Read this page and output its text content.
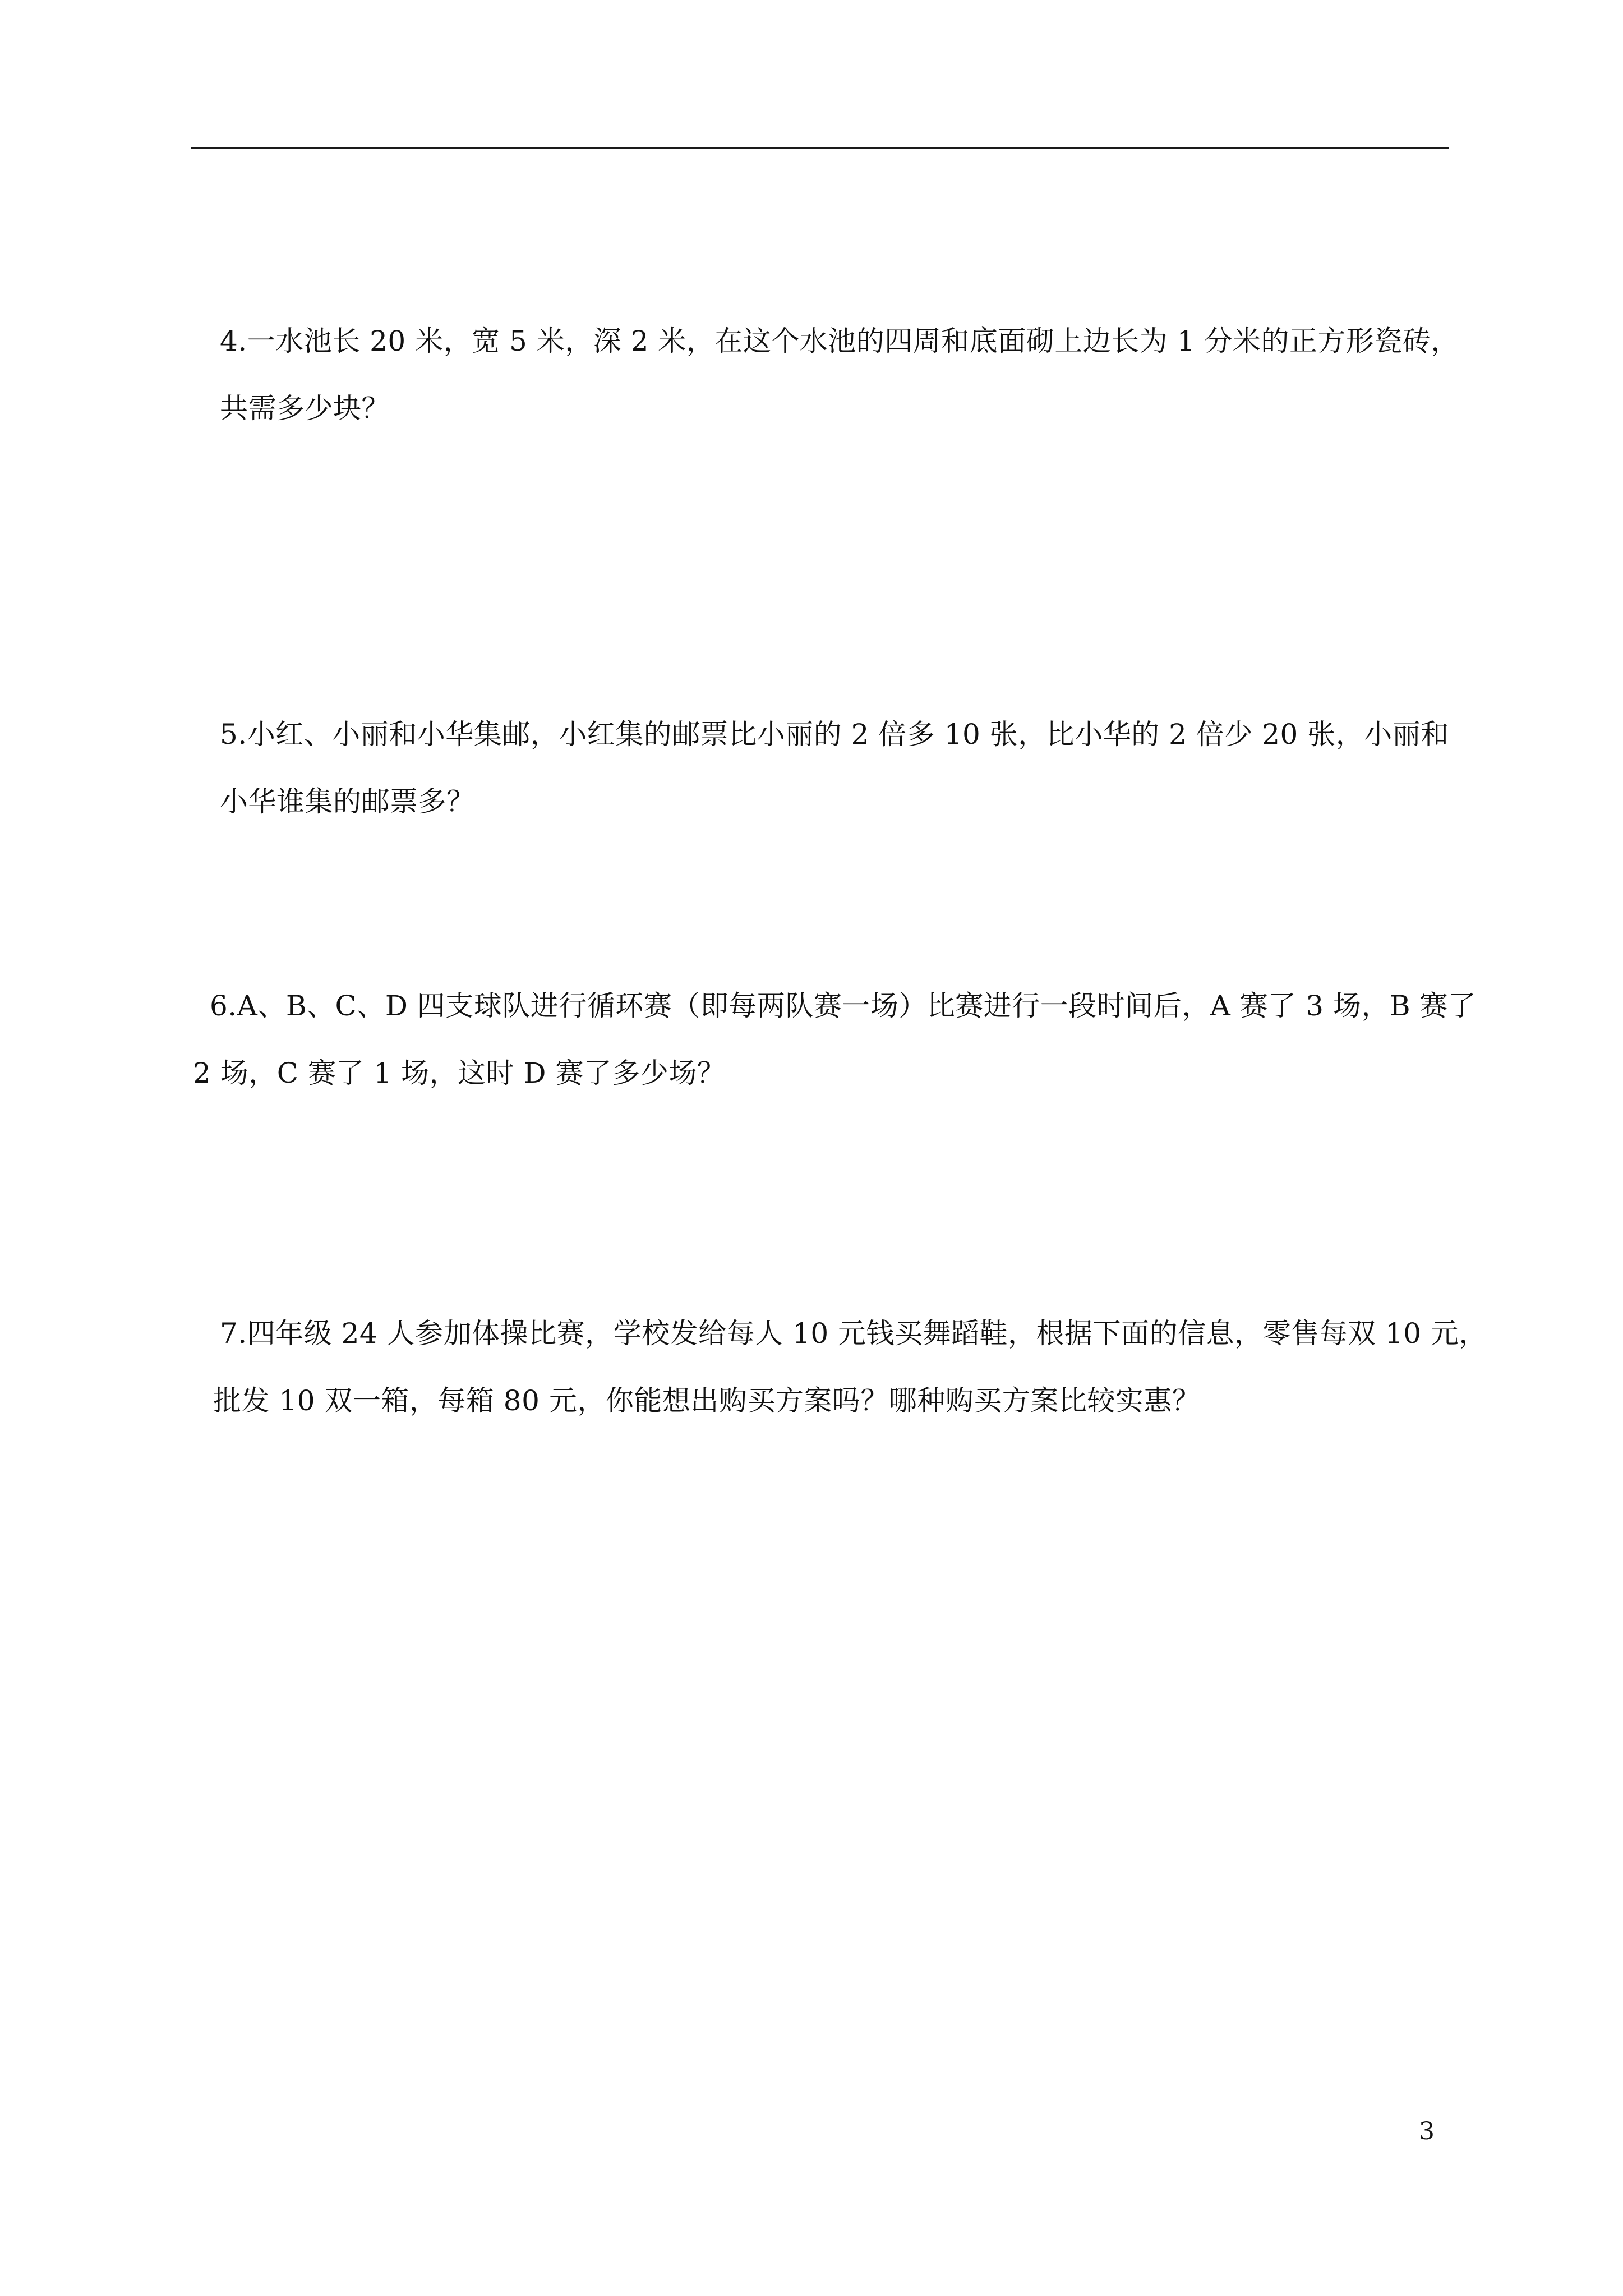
4.一水池长 20 米，宽 5 米，深 2 米，在这个水池的四周和底面砌上边长为 1 分米的正方形瓷砖，
共需多少块？
5.小红、小丽和小华集邮，小红集的邮票比小丽的 2 倍多 10 张，比小华的 2 倍少 20 张，小丽和
小华谁集的邮票多？
6.A、B、C、D 四支球队进行循环赛（即每两队赛一场）比赛进行一段时间后，A 赛了 3 场，B 赛了
2 场，C 赛了 1 场，这时 D 赛了多少场？
7.四年级 24 人参加体操比赛，学校发给每人 10 元钱买舞蹈鞋，根据下面的信息，零售每双 10 元，
批发 10 双一箱，每箱 80 元，你能想出购买方案吗？哪种购买方案比较实惠？
3
